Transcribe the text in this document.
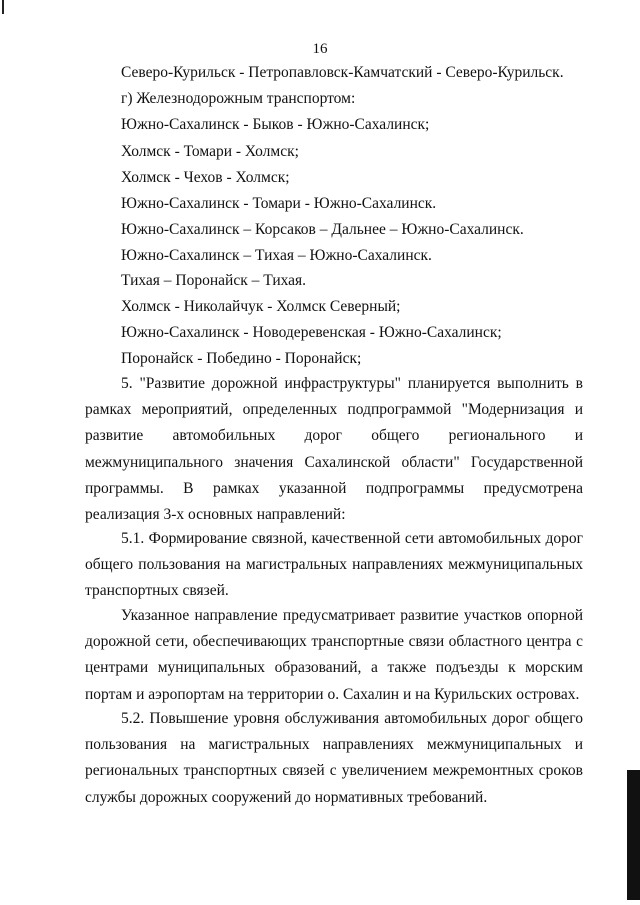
16
Северо-Курильск - Петропавловск-Камчатский - Северо-Курильск.
г) Железнодорожным транспортом:
Южно-Сахалинск - Быков - Южно-Сахалинск;
Холмск - Томари - Холмск;
Холмск - Чехов - Холмск;
Южно-Сахалинск - Томари - Южно-Сахалинск.
Южно-Сахалинск – Корсаков – Дальнее – Южно-Сахалинск.
Южно-Сахалинск – Тихая – Южно-Сахалинск.
Тихая – Поронайск – Тихая.
Холмск - Николайчук - Холмск Северный;
Южно-Сахалинск - Новодеревенская - Южно-Сахалинск;
Поронайск - Победино - Поронайск;

5. "Развитие дорожной инфраструктуры" планируется выполнить в рамках мероприятий, определенных подпрограммой "Модернизация и развитие автомобильных дорог общего регионального и межмуниципального значения Сахалинской области" Государственной программы. В рамках указанной подпрограммы предусмотрена реализация 3-х основных направлений:

5.1. Формирование связной, качественной сети автомобильных дорог общего пользования на магистральных направлениях межмуниципальных транспортных связей.

Указанное направление предусматривает развитие участков опорной дорожной сети, обеспечивающих транспортные связи областного центра с центрами муниципальных образований, а также подъезды к морским портам и аэропортам на территории о. Сахалин и на Курильских островах.

5.2. Повышение уровня обслуживания автомобильных дорог общего пользования на магистральных направлениях межмуниципальных и региональных транспортных связей с увеличением межремонтных сроков службы дорожных сооружений до нормативных требований.
